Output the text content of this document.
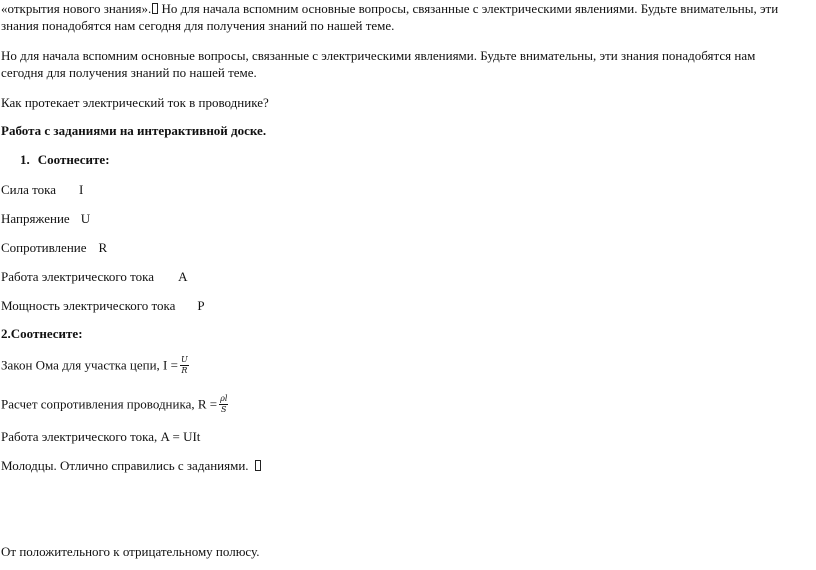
«открытия нового знания». Но для начала вспомним основные вопросы, связанные с электрическими явлениями. Будьте внимательны, эти
знания понадобятся нам сегодня для получения знаний по нашей теме.
Но для начала вспомним основные вопросы, связанные с электрическими явлениями. Будьте внимательны, эти знания понадобятся нам
сегодня для получения знаний по нашей теме.
Как протекает электрический ток в проводнике?
Работа с заданиями на интерактивной доске.
1. Соотнесите:
Сила тока I
Напряжение U
Сопротивление R
Работа электрического тока A
Мощность электрического тока P
2.Соотнесите:
Закон Ома для участка цепи, $I = \frac{U}{R}$
Расчет сопротивления проводника, $R = \frac{\rho l}{S}$
Работа электрического тока, A = UIt
Молодцы. Отлично справились с заданиями.
От положительного к отрицательному полюсу.
